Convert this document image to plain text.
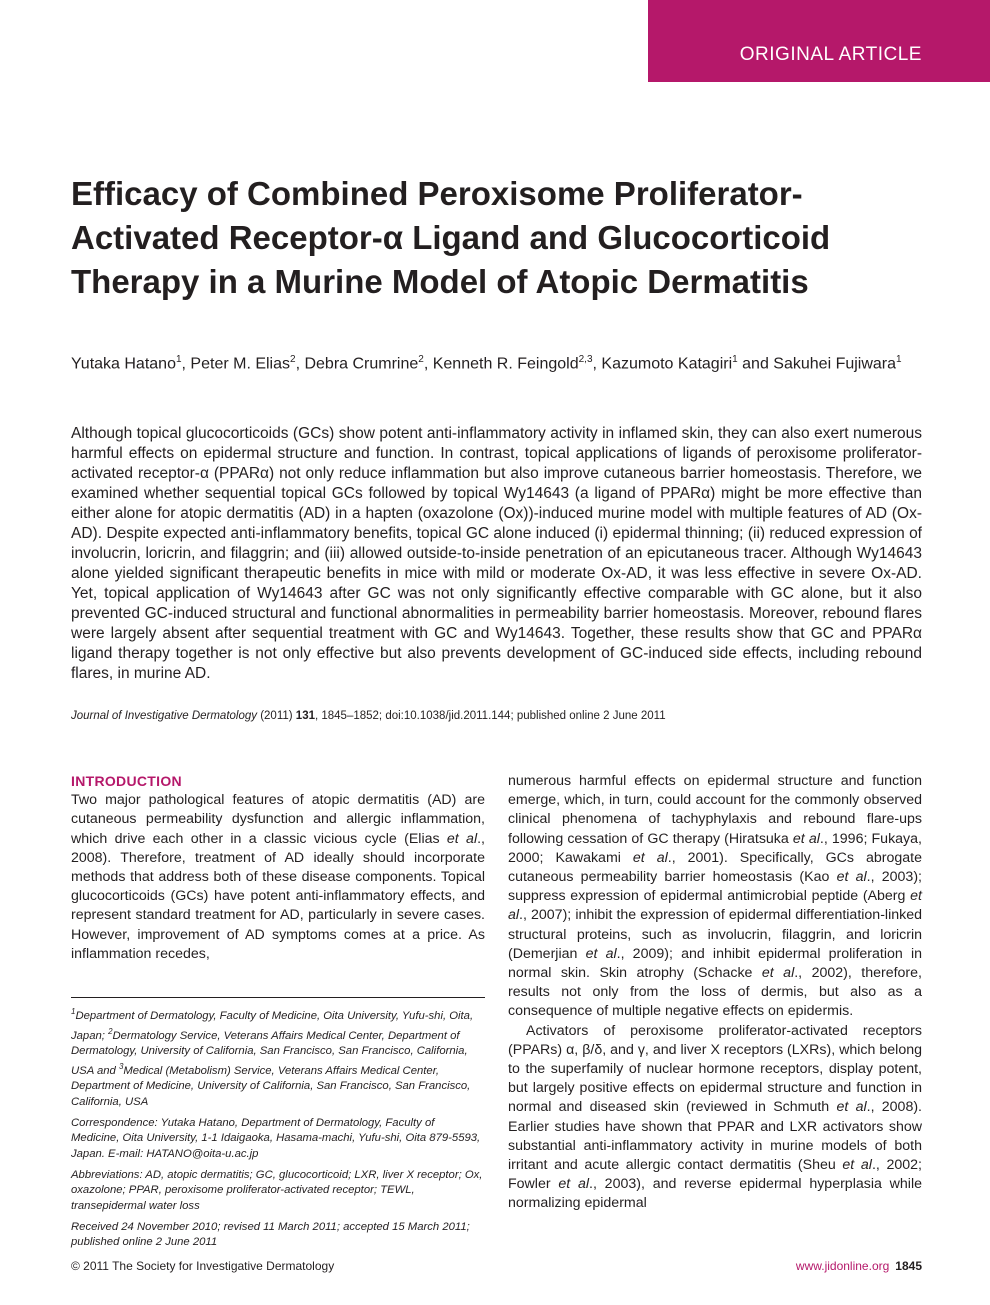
ORIGINAL ARTICLE
Efficacy of Combined Peroxisome Proliferator-Activated Receptor-α Ligand and Glucocorticoid Therapy in a Murine Model of Atopic Dermatitis

Yutaka Hatano$^1$, Peter M. Elias$^2$, Debra Crumrine$^2$, Kenneth R. Feingold$^{2,3}$, Kazumoto Katagiri$^1$ and Sakuhei Fujiwara$^1$

Although topical glucocorticoids (GCs) show potent anti-inflammatory activity in inflamed skin, they can also exert numerous harmful effects on epidermal structure and function. In contrast, topical applications of ligands of peroxisome proliferator-activated receptor-α (PPARα) not only reduce inflammation but also improve cutaneous barrier homeostasis. Therefore, we examined whether sequential topical GCs followed by topical Wy14643 (a ligand of PPARα) might be more effective than either alone for atopic dermatitis (AD) in a hapten (oxazolone (Ox))-induced murine model with multiple features of AD (Ox-AD). Despite expected anti-inflammatory benefits, topical GC alone induced (i) epidermal thinning; (ii) reduced expression of involucrin, loricrin, and filaggrin; and (iii) allowed outside-to-inside penetration of an epicutaneous tracer. Although Wy14643 alone yielded significant therapeutic benefits in mice with mild or moderate Ox-AD, it was less effective in severe Ox-AD. Yet, topical application of Wy14643 after GC was not only significantly effective comparable with GC alone, but it also prevented GC-induced structural and functional abnormalities in permeability barrier homeostasis. Moreover, rebound flares were largely absent after sequential treatment with GC and Wy14643. Together, these results show that GC and PPARα ligand therapy together is not only effective but also prevents development of GC-induced side effects, including rebound flares, in murine AD.

Journal of Investigative Dermatology (2011) 131, 1845–1852; doi:10.1038/jid.2011.144; published online 2 June 2011

INTRODUCTION

Two major pathological features of atopic dermatitis (AD) are cutaneous permeability dysfunction and allergic inflammation, which drive each other in a classic vicious cycle (Elias et al., 2008). Therefore, treatment of AD ideally should incorporate methods that address both of these disease components. Topical glucocorticoids (GCs) have potent anti-inflammatory effects, and represent standard treatment for AD, particularly in severe cases. However, improvement of AD symptoms comes at a price. As inflammation recedes,

$^1$Department of Dermatology, Faculty of Medicine, Oita University, Yufu-shi, Oita, Japan; $^2$Dermatology Service, Veterans Affairs Medical Center, Department of Dermatology, University of California, San Francisco, San Francisco, California, USA and $^3$Medical (Metabolism) Service, Veterans Affairs Medical Center, Department of Medicine, University of California, San Francisco, San Francisco, California, USA

Correspondence: Yutaka Hatano, Department of Dermatology, Faculty of Medicine, Oita University, 1-1 Idaigaoka, Hasama-machi, Yufu-shi, Oita 879-5593, Japan. E-mail: HATANO@oita-u.ac.jp

Abbreviations: AD, atopic dermatitis; GC, glucocorticoid; LXR, liver X receptor; Ox, oxazolone; PPAR, peroxisome proliferator-activated receptor; TEWL, transepidermal water loss

Received 24 November 2010; revised 11 March 2011; accepted 15 March 2011; published online 2 June 2011

numerous harmful effects on epidermal structure and function emerge, which, in turn, could account for the commonly observed clinical phenomena of tachyphylaxis and rebound flare-ups following cessation of GC therapy (Hiratsuka et al., 1996; Fukaya, 2000; Kawakami et al., 2001). Specifically, GCs abrogate cutaneous permeability barrier homeostasis (Kao et al., 2003); suppress expression of epidermal antimicrobial peptide (Aberg et al., 2007); inhibit the expression of epidermal differentiation-linked structural proteins, such as involucrin, filaggrin, and loricrin (Demerjian et al., 2009); and inhibit epidermal proliferation in normal skin. Skin atrophy (Schacke et al., 2002), therefore, results not only from the loss of dermis, but also as a consequence of multiple negative effects on epidermis.

Activators of peroxisome proliferator-activated receptors (PPARs) α, β/δ, and γ, and liver X receptors (LXRs), which belong to the superfamily of nuclear hormone receptors, display potent, but largely positive effects on epidermal structure and function in normal and diseased skin (reviewed in Schmuth et al., 2008). Earlier studies have shown that PPAR and LXR activators show substantial anti-inflammatory activity in murine models of both irritant and acute allergic contact dermatitis (Sheu et al., 2002; Fowler et al., 2003), and reverse epidermal hyperplasia while normalizing epidermal

© 2011 The Society for Investigative Dermatology	www.jidonline.org 1845
